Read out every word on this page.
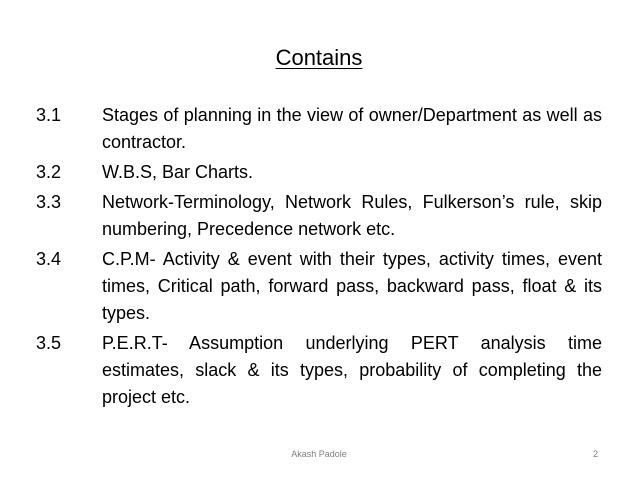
Contains
3.1	Stages of planning in the view of owner/Department as well as contractor.
3.2	W.B.S, Bar Charts.
3.3	Network-Terminology, Network Rules, Fulkerson’s rule, skip numbering, Precedence network etc.
3.4	C.P.M- Activity & event with their types, activity times, event times, Critical path, forward pass, backward pass, float & its types.
3.5	P.E.R.T- Assumption underlying PERT analysis time estimates, slack & its types, probability of completing the project etc.
Akash Padole	2
